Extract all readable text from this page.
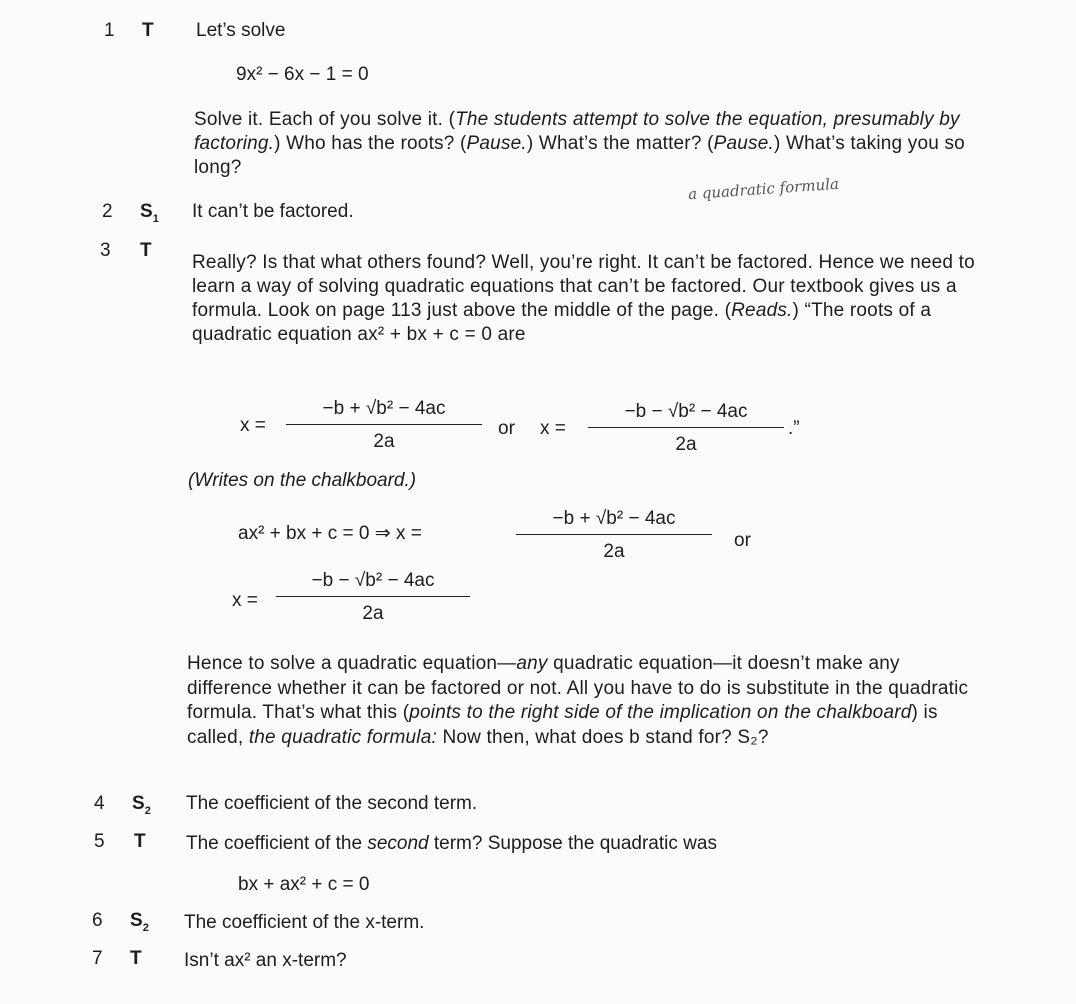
1 T
2 $S_1$
3 T
4 $S_2$
5 T
6 $S_2$
7 T
Let’s solve
9x² − 6x − 1 = 0
Solve it. Each of you solve it. (The students attempt to solve the equation, presumably by factoring.) Who has the roots? (Pause.) What’s the matter? (Pause.) What’s taking you so long?
a quadratic formula
It can’t be factored.
Really? Is that what others found? Well, you’re right. It can’t be factored. Hence we need to learn a way of solving quadratic equations that can’t be factored. Our textbook gives us a formula. Look on page 113 just above the middle of the page. (Reads.) “The roots of a quadratic equation ax² + bx + c = 0 are
x =
−b + √b² − 4ac
2a
or x =
−b − √b² − 4ac
2a
.”
(Writes on the chalkboard.)
ax² + bx + c = 0 ⇒ x =
−b + √b² − 4ac
2a
or
x =
−b − √b² − 4ac
2a
Hence to solve a quadratic equation—any quadratic equation—it doesn’t make any difference whether it can be factored or not. All you have to do is substitute in the quadratic formula. That’s what this (points to the right side of the implication on the chalkboard) is called, the quadratic formula: Now then, what does b stand for? S₂?
The coefficient of the second term.
The coefficient of the second term? Suppose the quadratic was
bx + ax² + c = 0
The coefficient of the x-term.
Isn’t ax² an x-term?
